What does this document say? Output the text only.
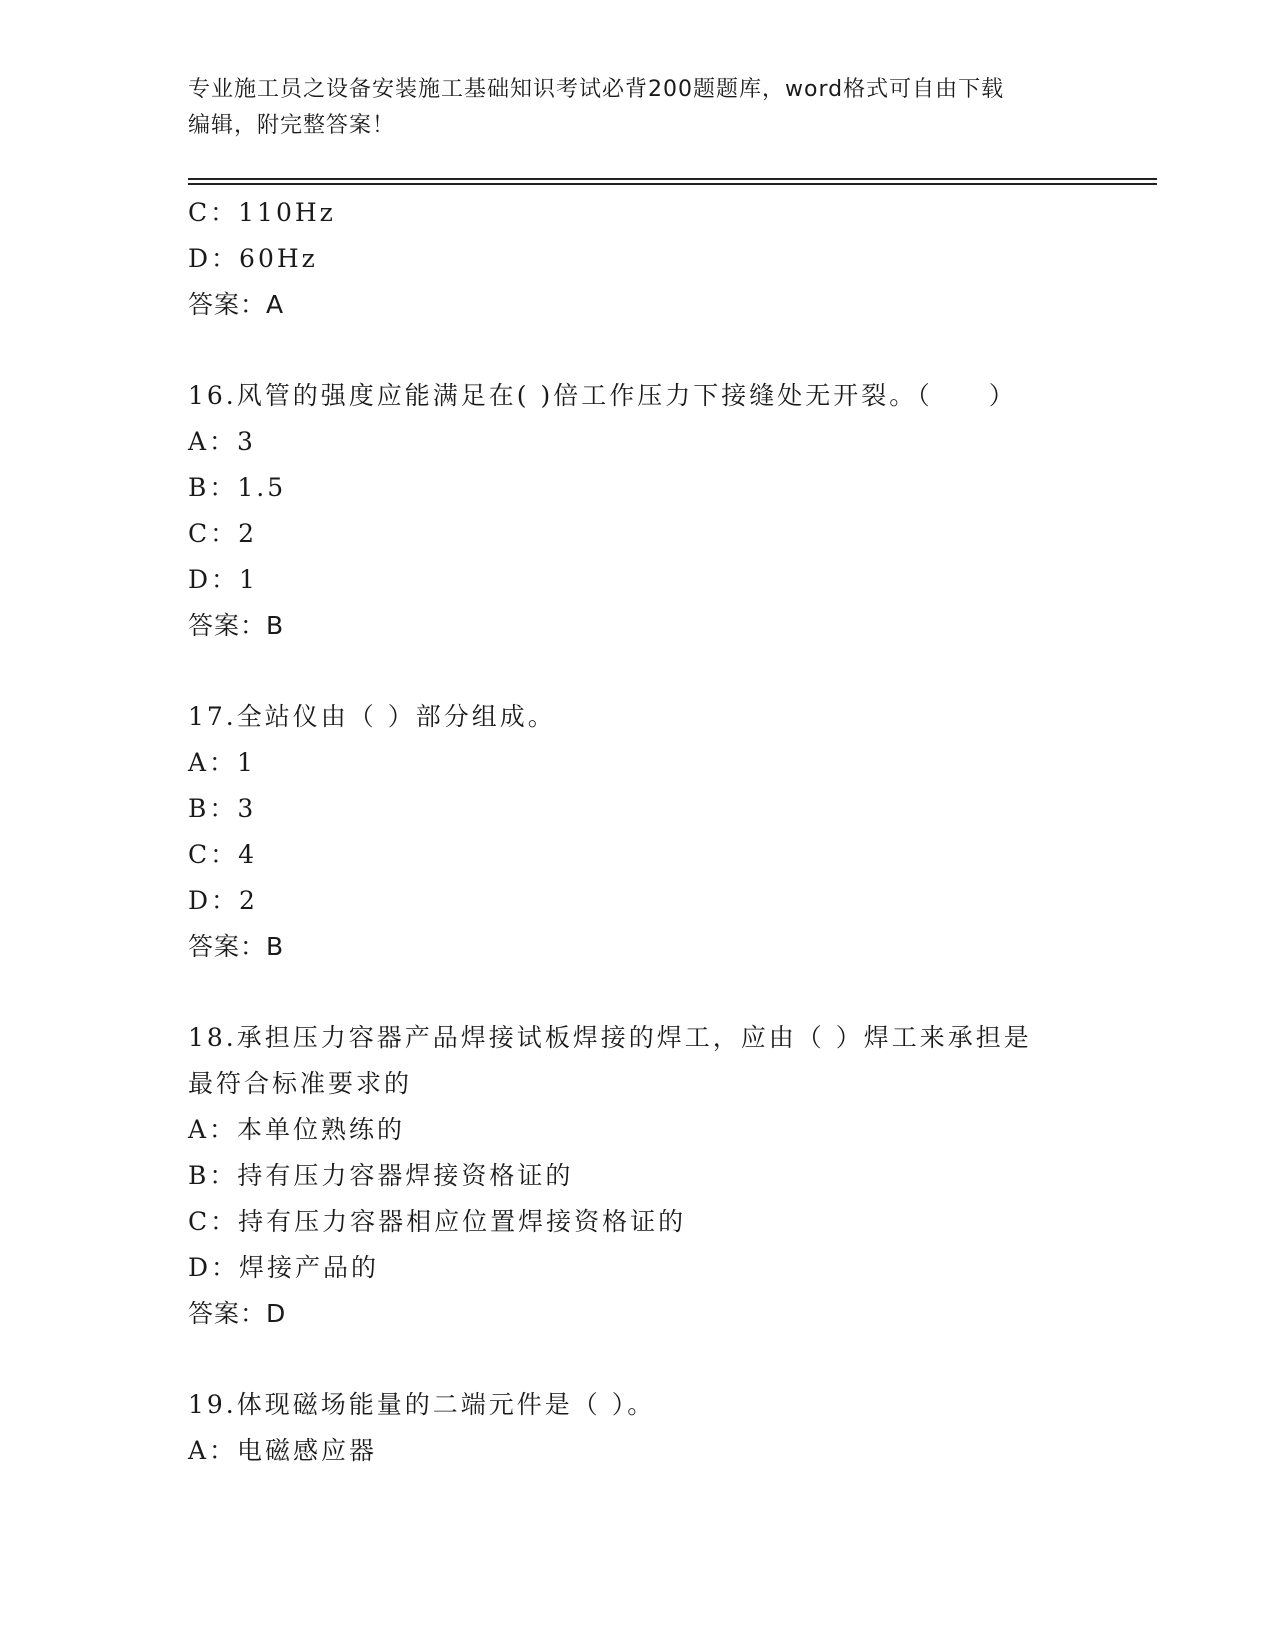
专业施工员之设备安装施工基础知识考试必背200题题库，word格式可自由下载
编辑，附完整答案！
C：110Hz
D：60Hz
答案：A
16.风管的强度应能满足在( )倍工作压力下接缝处无开裂。（　　）
A：3
B：1.5
C：2
D：1
答案：B
17.全站仪由（ ）部分组成。
A：1
B：3
C：4
D：2
答案：B
18.承担压力容器产品焊接试板焊接的焊工，应由（ ）焊工来承担是
最符合标准要求的
A：本单位熟练的
B：持有压力容器焊接资格证的
C：持有压力容器相应位置焊接资格证的
D：焊接产品的
答案：D
19.体现磁场能量的二端元件是（ ）。
A：电磁感应器
